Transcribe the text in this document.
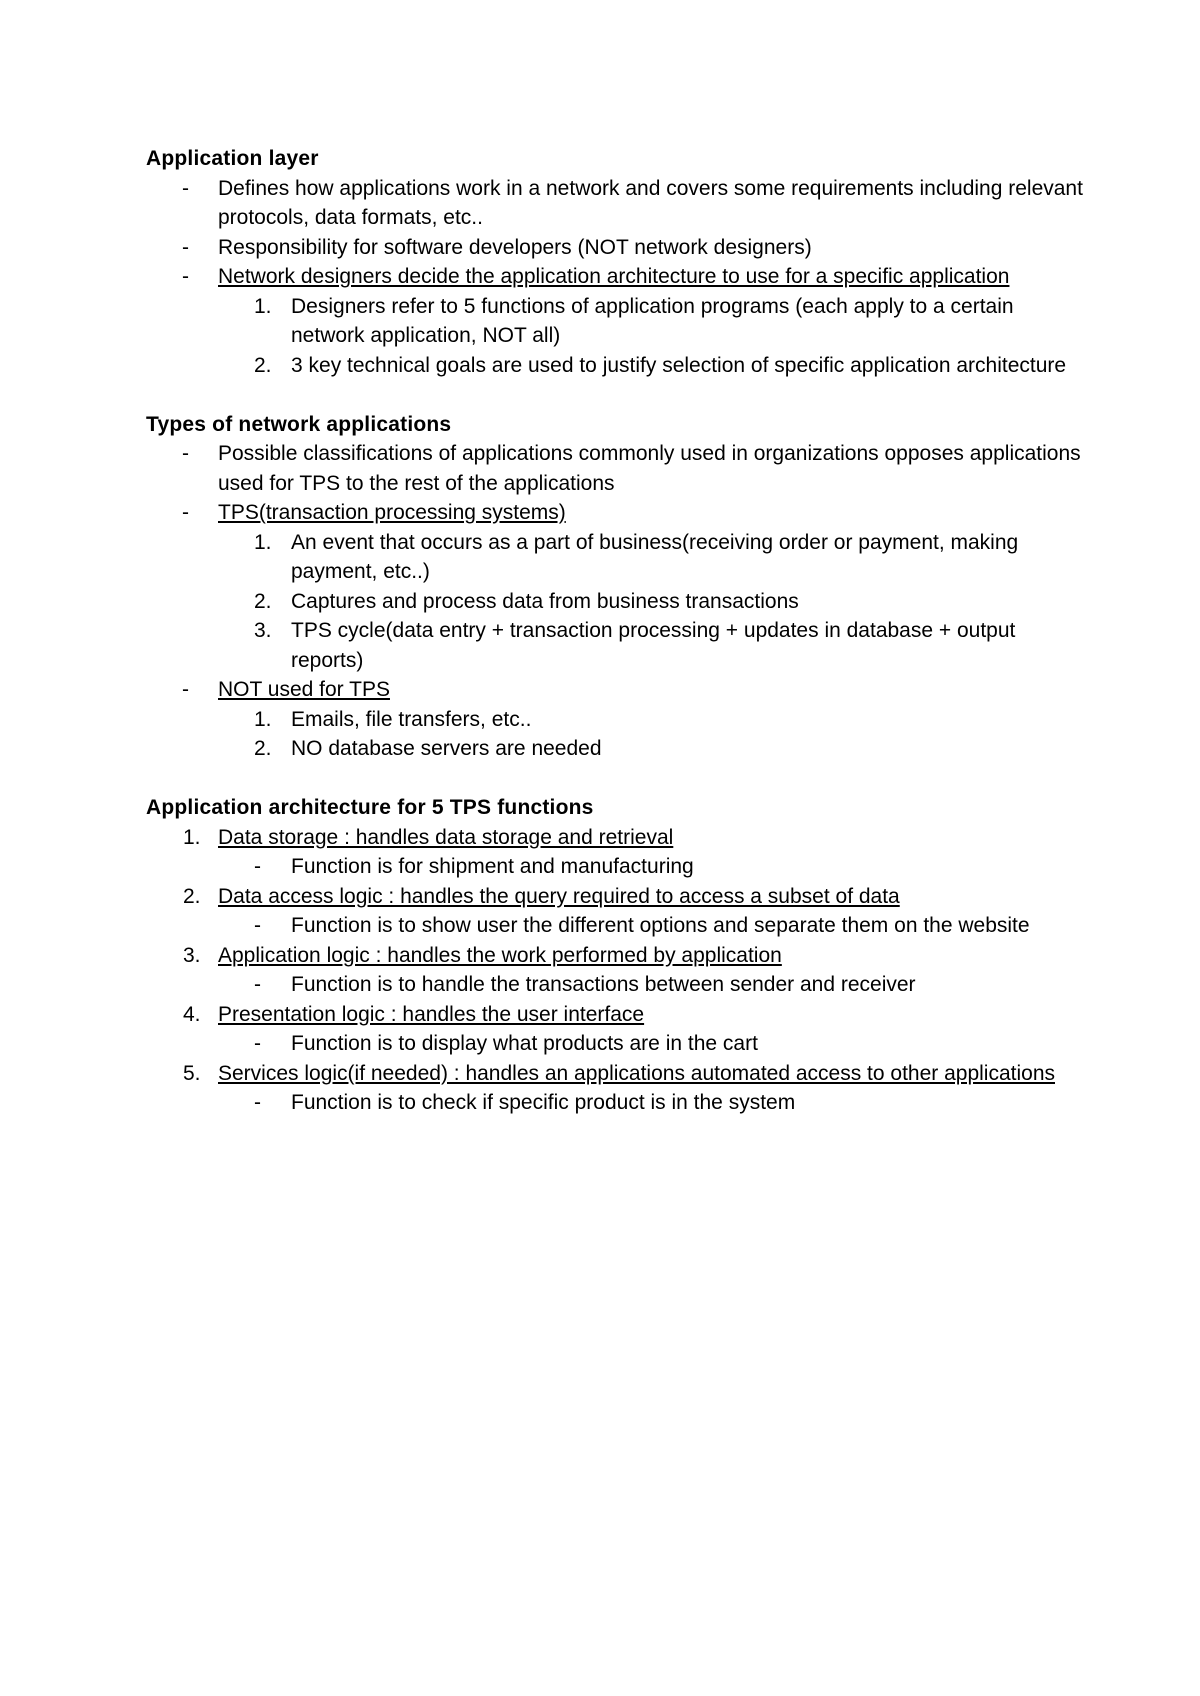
Application layer

- Defines how applications work in a network and covers some requirements including relevant protocols, data formats, etc..
- Responsibility for software developers (NOT network designers)
- Network designers decide the application architecture to use for a specific application
1. Designers refer to 5 functions of application programs (each apply to a certain network application, NOT all)
2. 3 key technical goals are used to justify selection of specific application architecture

Types of network applications

- Possible classifications of applications commonly used in organizations opposes applications used for TPS to the rest of the applications
- TPS(transaction processing systems)
1. An event that occurs as a part of business(receiving order or payment, making payment, etc..)
2. Captures and process data from business transactions
3. TPS cycle(data entry + transaction processing + updates in database + output reports)
- NOT used for TPS
1. Emails, file transfers, etc..
2. NO database servers are needed

Application architecture for 5 TPS functions

1. Data storage : handles data storage and retrieval
- Function is for shipment and manufacturing
2. Data access logic : handles the query required to access a subset of data
- Function is to show user the different options and separate them on the website
3. Application logic : handles the work performed by application
- Function is to handle the transactions between sender and receiver
4. Presentation logic : handles the user interface
- Function is to display what products are in the cart
5. Services logic(if needed) : handles an applications automated access to other applications
- Function is to check if specific product is in the system
